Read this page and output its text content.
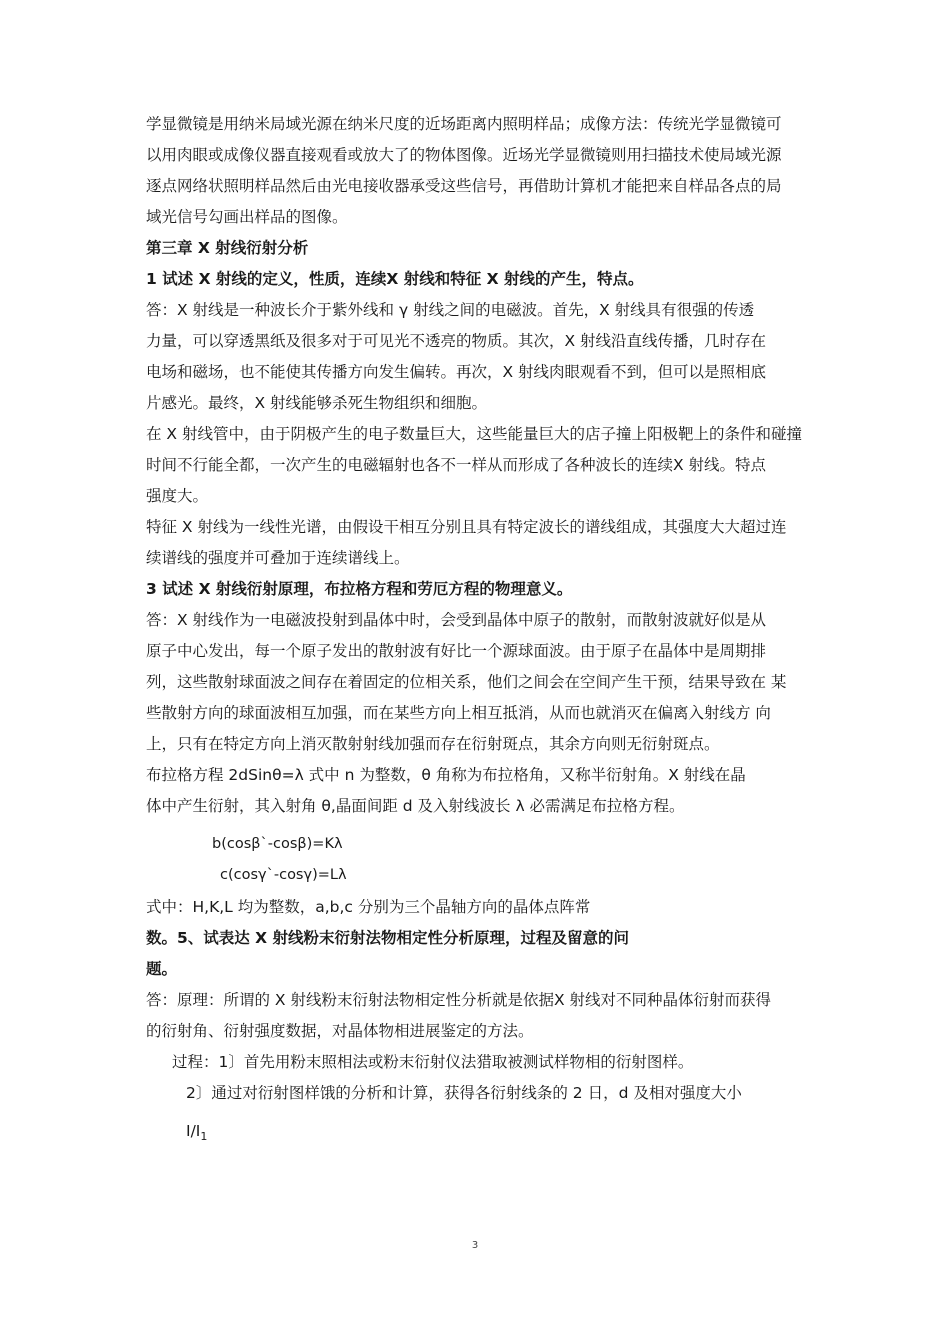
学显微镜是用纳米局域光源在纳米尺度的近场距离内照明样品；成像方法：传统光学显微镜可
以用肉眼或成像仪器直接观看或放大了的物体图像。近场光学显微镜则用扫描技术使局域光源
逐点网络状照明样品然后由光电接收器承受这些信号，再借助计算机才能把来自样品各点的局
域光信号勾画出样品的图像。
第三章 X 射线衍射分析
1 试述 X 射线的定义，性质，连续X 射线和特征 X 射线的产生，特点。
答：X 射线是一种波长介于紫外线和 γ 射线之间的电磁波。首先，X 射线具有很强的传透
力量，可以穿透黑纸及很多对于可见光不透亮的物质。其次，X 射线沿直线传播，几时存在
电场和磁场，也不能使其传播方向发生偏转。再次，X 射线肉眼观看不到，但可以是照相底
片感光。最终，X 射线能够杀死生物组织和细胞。
在 X 射线管中，由于阴极产生的电子数量巨大，这些能量巨大的店子撞上阳极靶上的条件和碰撞
时间不行能全都，一次产生的电磁辐射也各不一样从而形成了各种波长的连续X 射线。特点
强度大。
特征 X 射线为一线性光谱，由假设干相互分别且具有特定波长的谱线组成，其强度大大超过连
续谱线的强度并可叠加于连续谱线上。
3 试述 X 射线衍射原理，布拉格方程和劳厄方程的物理意义。
答：X 射线作为一电磁波投射到晶体中时，会受到晶体中原子的散射，而散射波就好似是从
原子中心发出，每一个原子发出的散射波有好比一个源球面波。由于原子在晶体中是周期排
列，这些散射球面波之间存在着固定的位相关系，他们之间会在空间产生干预，结果导致在 某
些散射方向的球面波相互加强，而在某些方向上相互抵消，从而也就消灭在偏离入射线方 向
上，只有在特定方向上消灭散射射线加强而存在衍射斑点，其余方向则无衍射斑点。
布拉格方程 2dSinθ=λ 式中 n 为整数，θ 角称为布拉格角，又称半衍射角。X 射线在晶
体中产生衍射，其入射角 θ,晶面间距 d 及入射线波长 λ 必需满足布拉格方程。
b(cosβ`-cosβ)=Kλ
c(cosγ`-cosγ)=Lλ
式中：H,K,L 均为整数，a,b,c 分别为三个晶轴方向的晶体点阵常
数。5、试表达 X 射线粉末衍射法物相定性分析原理，过程及留意的问
题。
答：原理：所谓的 X 射线粉末衍射法物相定性分析就是依据X 射线对不同种晶体衍射而获得
的衍射角、衍射强度数据，对晶体物相进展鉴定的方法。
过程：1〕首先用粉末照相法或粉末衍射仪法猎取被测试样物相的衍射图样。
2〕通过对衍射图样饿的分析和计算，获得各衍射线条的 2 日，d 及相对强度大小
$I/I_1$
3
